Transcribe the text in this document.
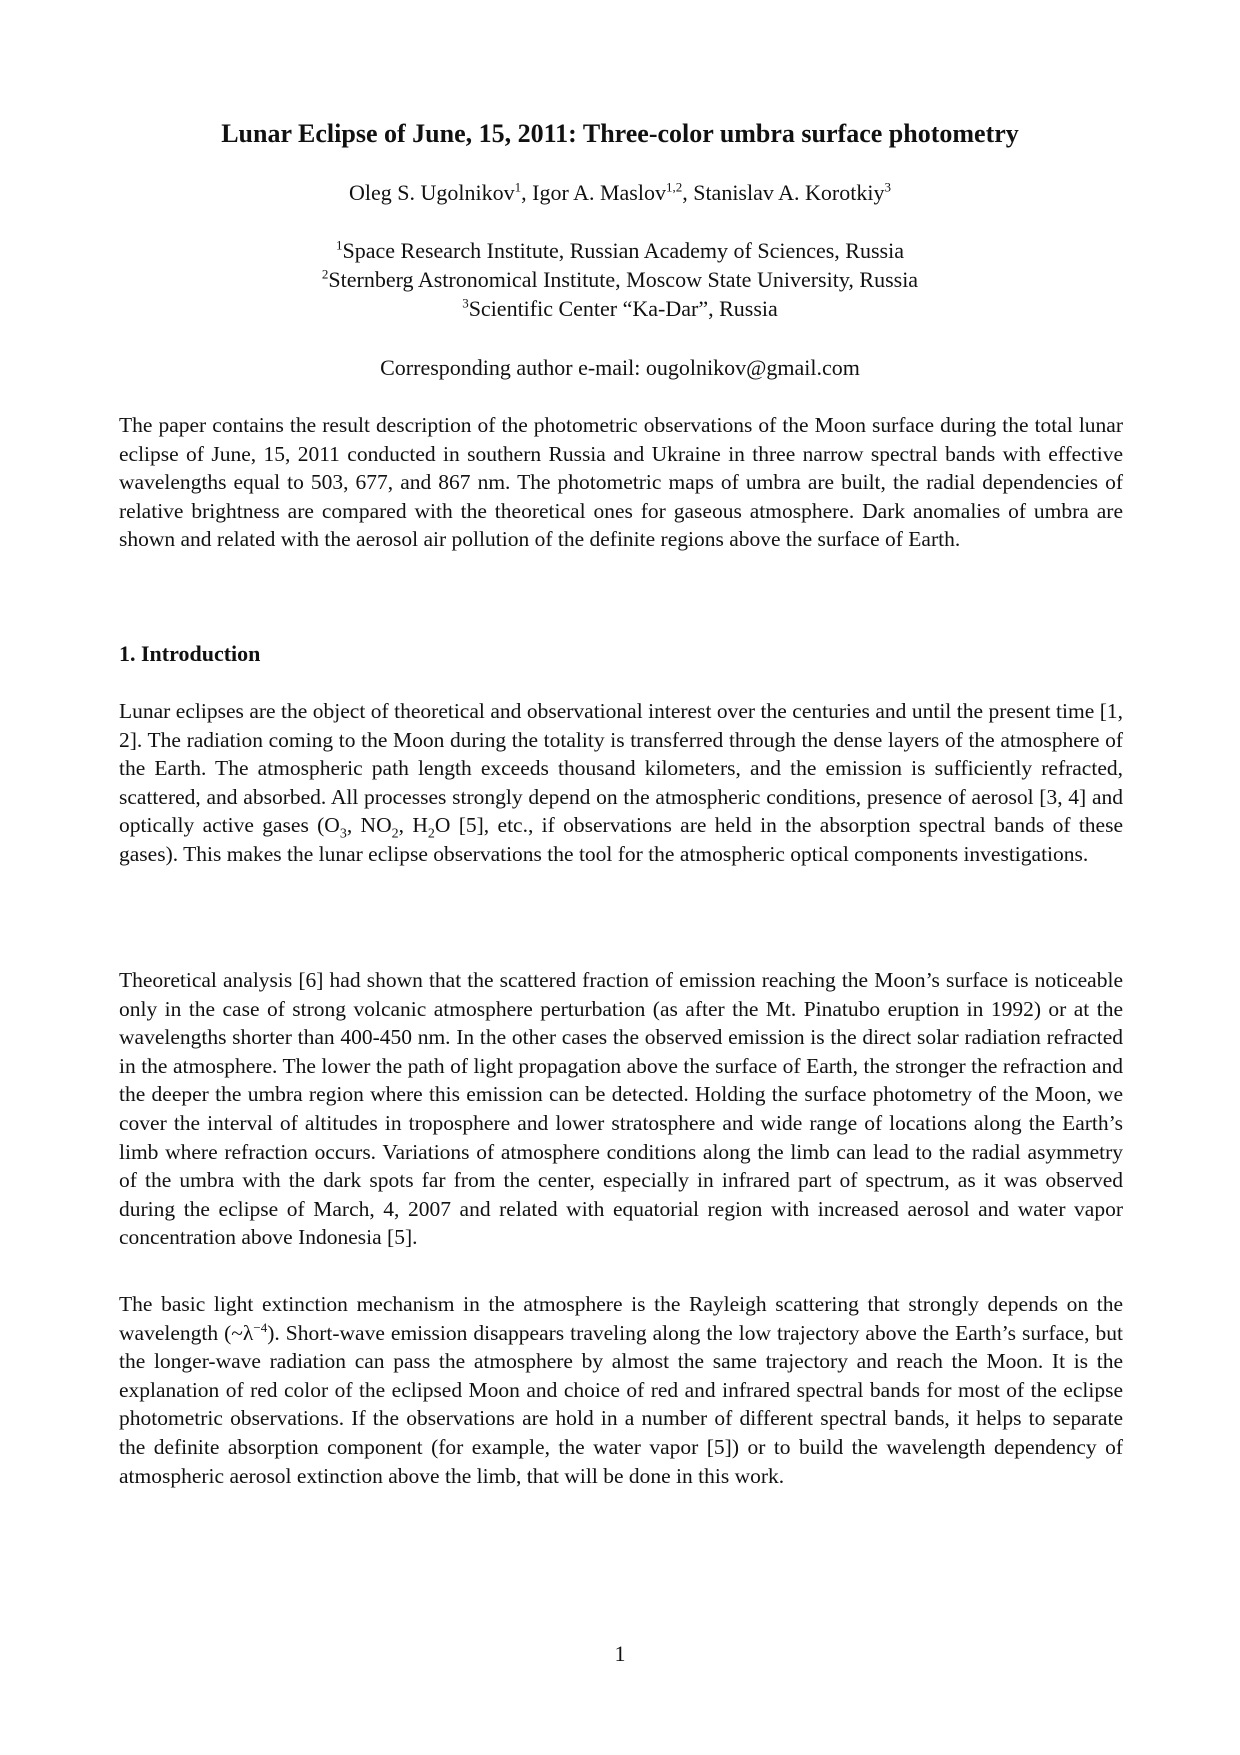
Lunar Eclipse of June, 15, 2011: Three-color umbra surface photometry
Oleg S. Ugolnikov$^1$, Igor A. Maslov$^{1,2}$, Stanislav A. Korotkiy$^3$
$^1$Space Research Institute, Russian Academy of Sciences, Russia
$^2$Sternberg Astronomical Institute, Moscow State University, Russia
$^3$Scientific Center “Ka-Dar”, Russia
Corresponding author e-mail: ougolnikov@gmail.com
The paper contains the result description of the photometric observations of the Moon surface during the total lunar eclipse of June, 15, 2011 conducted in southern Russia and Ukraine in three narrow spectral bands with effective wavelengths equal to 503, 677, and 867 nm. The photometric maps of umbra are built, the radial dependencies of relative brightness are compared with the theoretical ones for gaseous atmosphere. Dark anomalies of umbra are shown and related with the aerosol air pollution of the definite regions above the surface of Earth.
1. Introduction
Lunar eclipses are the object of theoretical and observational interest over the centuries and until the present time [1, 2]. The radiation coming to the Moon during the totality is transferred through the dense layers of the atmosphere of the Earth. The atmospheric path length exceeds thousand kilometers, and the emission is sufficiently refracted, scattered, and absorbed. All processes strongly depend on the atmospheric conditions, presence of aerosol [3, 4] and optically active gases ($O_3$, $NO_2$, $H_2O$ [5], etc., if observations are held in the absorption spectral bands of these gases). This makes the lunar eclipse observations the tool for the atmospheric optical components investigations.
Theoretical analysis [6] had shown that the scattered fraction of emission reaching the Moon’s surface is noticeable only in the case of strong volcanic atmosphere perturbation (as after the Mt. Pinatubo eruption in 1992) or at the wavelengths shorter than 400-450 nm. In the other cases the observed emission is the direct solar radiation refracted in the atmosphere. The lower the path of light propagation above the surface of Earth, the stronger the refraction and the deeper the umbra region where this emission can be detected. Holding the surface photometry of the Moon, we cover the interval of altitudes in troposphere and lower stratosphere and wide range of locations along the Earth’s limb where refraction occurs. Variations of atmosphere conditions along the limb can lead to the radial asymmetry of the umbra with the dark spots far from the center, especially in infrared part of spectrum, as it was observed during the eclipse of March, 4, 2007 and related with equatorial region with increased aerosol and water vapor concentration above Indonesia [5].
The basic light extinction mechanism in the atmosphere is the Rayleigh scattering that strongly depends on the wavelength $(\sim\lambda^{-4})$. Short-wave emission disappears traveling along the low trajectory above the Earth’s surface, but the longer-wave radiation can pass the atmosphere by almost the same trajectory and reach the Moon. It is the explanation of red color of the eclipsed Moon and choice of red and infrared spectral bands for most of the eclipse photometric observations. If the observations are hold in a number of different spectral bands, it helps to separate the definite absorption component (for example, the water vapor [5]) or to build the wavelength dependency of atmospheric aerosol extinction above the limb, that will be done in this work.
1
